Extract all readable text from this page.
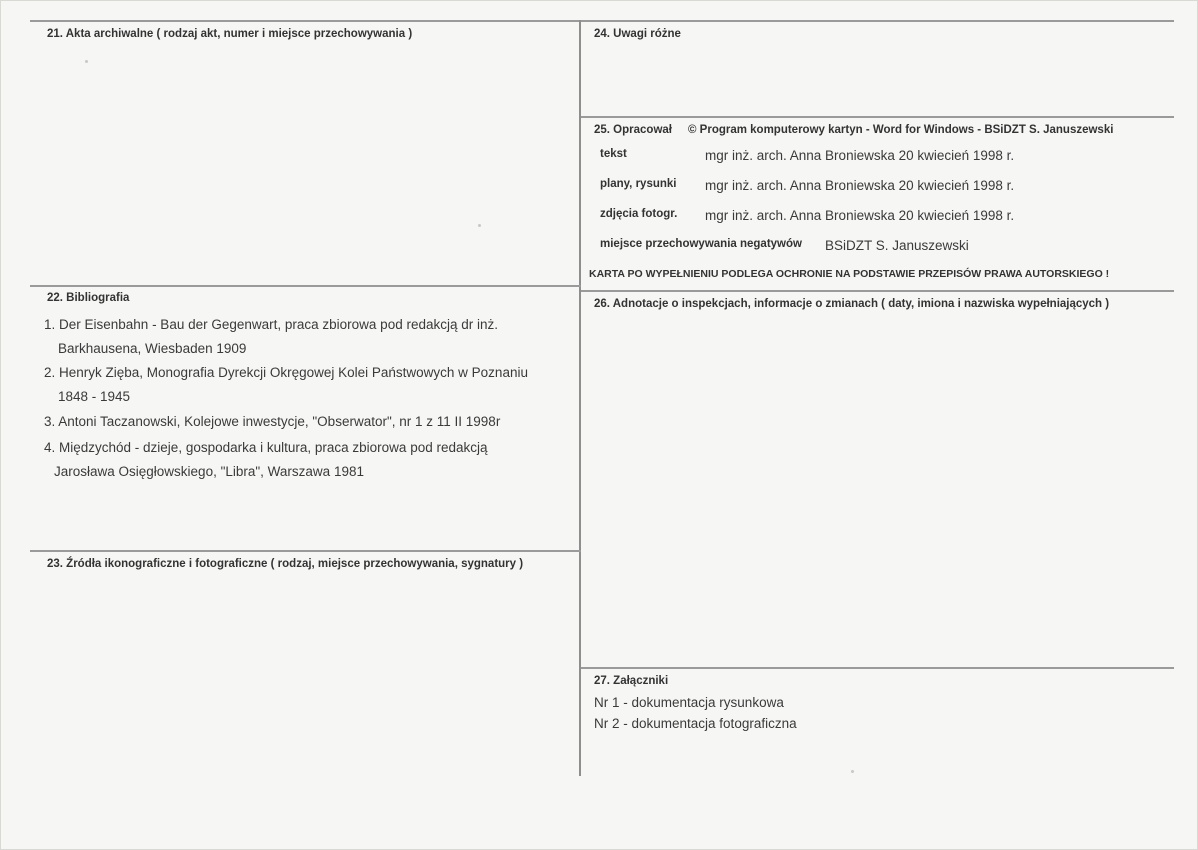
21. Akta archiwalne ( rodzaj akt, numer i miejsce przechowywania )
22. Bibliografia
1. Der Eisenbahn - Bau der Gegenwart, praca zbiorowa pod redakcją dr inż.
Barkhausena, Wiesbaden 1909
2. Henryk Zięba, Monografia Dyrekcji Okręgowej Kolei Państwowych w Poznaniu
1848 - 1945
3. Antoni Taczanowski, Kolejowe inwestycje, "Obserwator", nr 1 z 11 II 1998r
4. Międzychód - dzieje, gospodarka i kultura, praca zbiorowa pod redakcją
Jarosława Osięgłowskiego, "Libra", Warszawa 1981
23. Źródła ikonograficzne i fotograficzne ( rodzaj, miejsce przechowywania, sygnatury )
24. Uwagi różne
25. Opracował © Program komputerowy kartyn - Word for Windows - BSiDZT S. Januszewski
tekst	mgr inż. arch. Anna Broniewska 20 kwiecień 1998 r.
plany, rysunki mgr inż. arch. Anna Broniewska 20 kwiecień 1998 r.
zdjęcia fotogr. mgr inż. arch. Anna Broniewska 20 kwiecień 1998 r.
miejsce przechowywania negatywów BSiDZT S. Januszewski
KARTA PO WYPEŁNIENIU PODLEGA OCHRONIE NA PODSTAWIE PRZEPISÓW PRAWA AUTORSKIEGO !
26. Adnotacje o inspekcjach, informacje o zmianach ( daty, imiona i nazwiska wypełniających )
27. Załączniki
Nr 1 - dokumentacja rysunkowa
Nr 2 - dokumentacja fotograficzna
